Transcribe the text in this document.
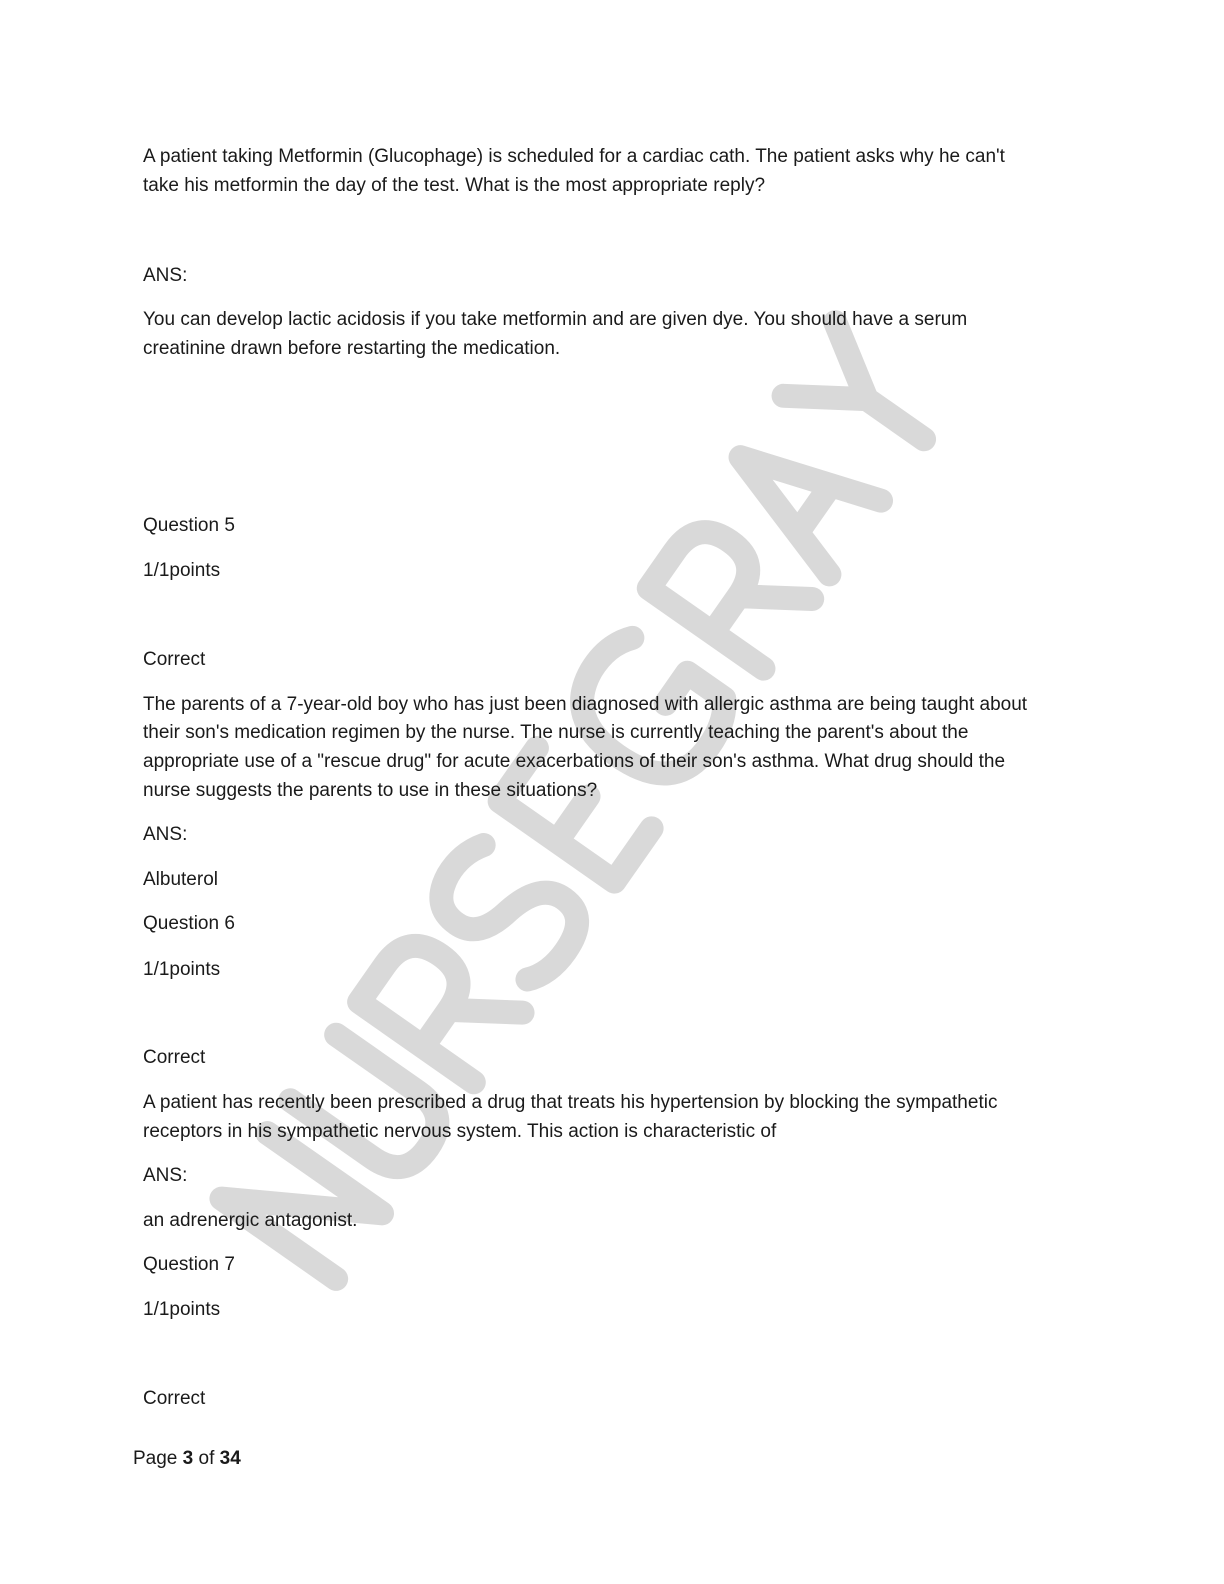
A patient taking Metformin (Glucophage) is scheduled for a cardiac cath. The patient asks why he can't
take his metformin the day of the test. What is the most appropriate reply?
ANS:
You can develop lactic acidosis if you take metformin and are given dye. You should have a serum
creatinine drawn before restarting the medication.
Question 5
1/1points
Correct
The parents of a 7-year-old boy who has just been diagnosed with allergic asthma are being taught about
their son's medication regimen by the nurse. The nurse is currently teaching the parent's about the
appropriate use of a "rescue drug" for acute exacerbations of their son's asthma. What drug should the
nurse suggests the parents to use in these situations?
ANS:
Albuterol
Question 6
1/1points
Correct
A patient has recently been prescribed a drug that treats his hypertension by blocking the sympathetic
receptors in his sympathetic nervous system. This action is characteristic of
ANS:
an adrenergic antagonist.
Question 7
1/1points
Correct
Page 3 of 34
